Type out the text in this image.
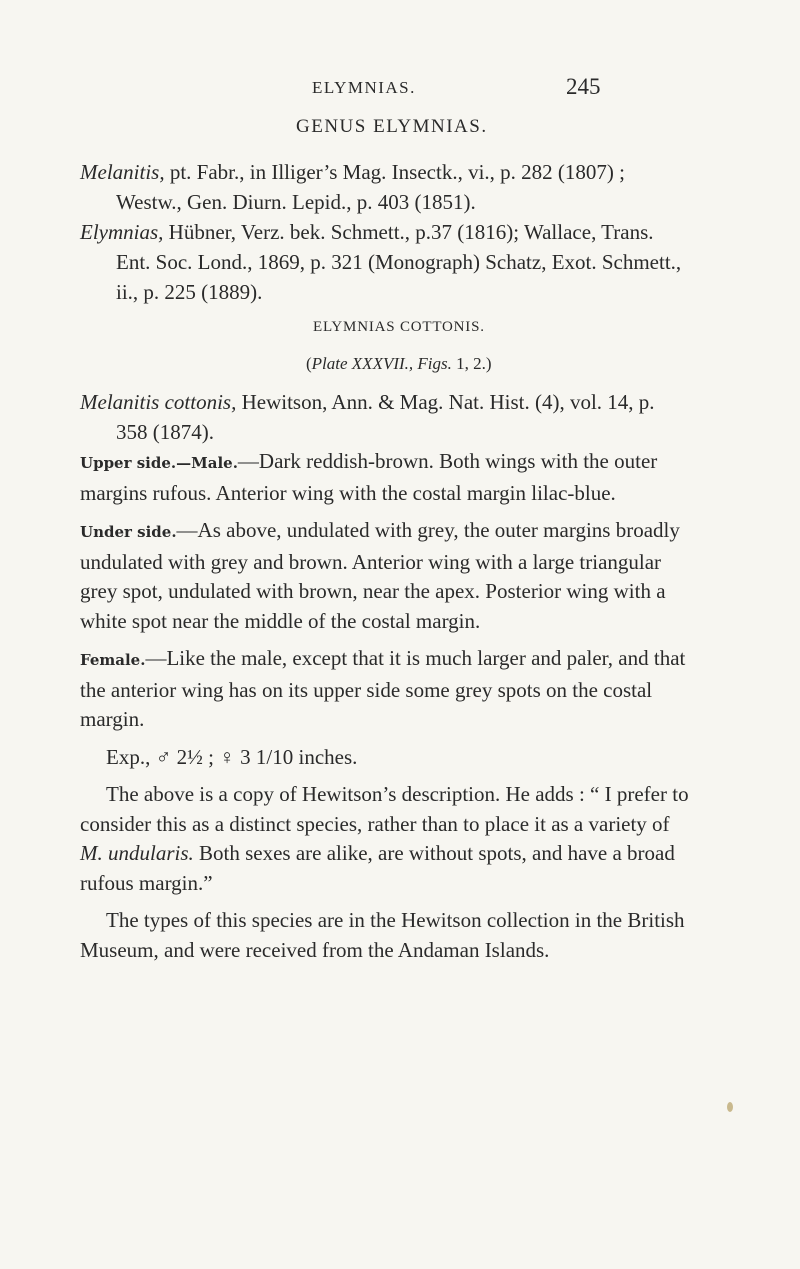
ELYMNIAS.	245
GENUS ELYMNIAS.

Melanitis, pt. Fabr., in Illiger’s Mag. Insectk., vi., p. 282 (1807) ; Westw., Gen. Diurn. Lepid., p. 403 (1851).

Elymnias, Hübner, Verz. bek. Schmett., p.37 (1816); Wallace, Trans. Ent. Soc. Lond., 1869, p. 321 (Monograph) Schatz, Exot. Schmett., ii., p. 225 (1889).

ELYMNIAS COTTONIS.
(Plate XXXVII., Figs. 1, 2.)

Melanitis cottonis, Hewitson, Ann. & Mag. Nat. Hist. (4), vol. 14, p. 358 (1874).

Upper side.—Male.—Dark reddish-brown. Both wings with the outer margins rufous. Anterior wing with the costal margin lilac-blue.

Under side.—As above, undulated with grey, the outer margins broadly undulated with grey and brown. Anterior wing with a large triangular grey spot, undulated with brown, near the apex. Posterior wing with a white spot near the middle of the costal margin.

Female.—Like the male, except that it is much larger and paler, and that the anterior wing has on its upper side some grey spots on the costal margin.

Exp., ♂ 2½ ; ♀ 3 1/10 inches.

The above is a copy of Hewitson’s description. He adds : “ I prefer to consider this as a distinct species, rather than to place it as a variety of M. undularis. Both sexes are alike, are without spots, and have a broad rufous margin.”

The types of this species are in the Hewitson collection in the British Museum, and were received from the Andaman Islands.
